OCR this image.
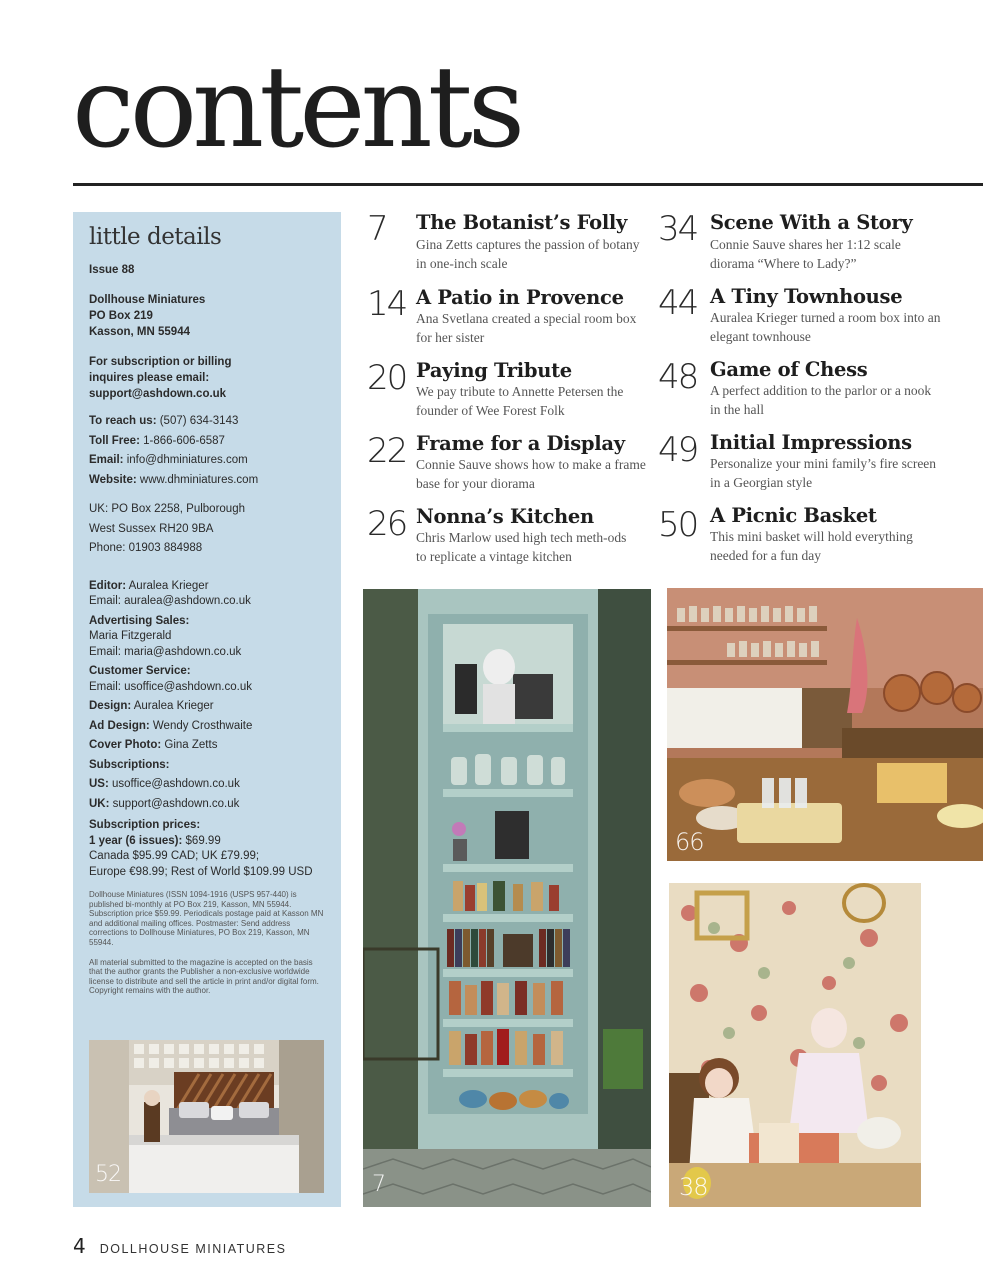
contents
little details
Issue 88
Dollhouse Miniatures
PO Box 219
Kasson, MN 55944
For subscription or billing
inquires please email:
support@ashdown.co.uk
To reach us: (507) 634-3143
Toll Free: 1-866-606-6587
Email: info@dhminiatures.com
Website: www.dhminiatures.com
UK: PO Box 2258, Pulborough
West Sussex RH20 9BA
Phone: 01903 884988
Editor: Auralea Krieger
Email: auralea@ashdown.co.uk
Advertising Sales:
Maria Fitzgerald
Email: maria@ashdown.co.uk
Customer Service:
Email: usoffice@ashdown.co.uk
Design: Auralea Krieger
Ad Design: Wendy Crosthwaite
Cover Photo: Gina Zetts
Subscriptions:
US: usoffice@ashdown.co.uk
UK: support@ashdown.co.uk
Subscription prices:
1 year (6 issues): $69.99
Canada $95.99 CAD; UK £79.99;
Europe €98.99; Rest of World $109.99 USD
Dollhouse Miniatures (ISSN 1094-1916 (USPS 957-440) is published bi-monthly at PO Box 219, Kasson, MN 55944. Subscription price $59.99. Periodicals postage paid at Kasson MN and additional mailing offices. Postmaster: Send address corrections to Dollhouse Miniatures, PO Box 219, Kasson, MN 55944.
All material submitted to the magazine is accepted on the basis that the author grants the Publisher a non-exclusive worldwide license to distribute and sell the article in print and/or digital form. Copyright remains with the author.
52
7 The Botanist’s Folly
Gina Zetts captures the passion of botany in one-inch scale
14 A Patio in Provence
Ana Svetlana created a special room box for her sister
20 Paying Tribute
We pay tribute to Annette Petersen the founder of Wee Forest Folk
22 Frame for a Display
Connie Sauve shows how to make a frame base for your diorama
26 Nonna’s Kitchen
Chris Marlow used high tech meth-ods to replicate a vintage kitchen
34 Scene With a Story
Connie Sauve shares her 1:12 scale diorama “Where to Lady?”
44 A Tiny Townhouse
Auralea Krieger turned a room box into an elegant townhouse
48 Game of Chess
A perfect addition to the parlor or a nook in the hall
49 Initial Impressions
Personalize your mini family’s fire screen in a Georgian style
50 A Picnic Basket
This mini basket will hold everything needed for a fun day
7
66
38
4 DOLLHOUSE MINIATURES
